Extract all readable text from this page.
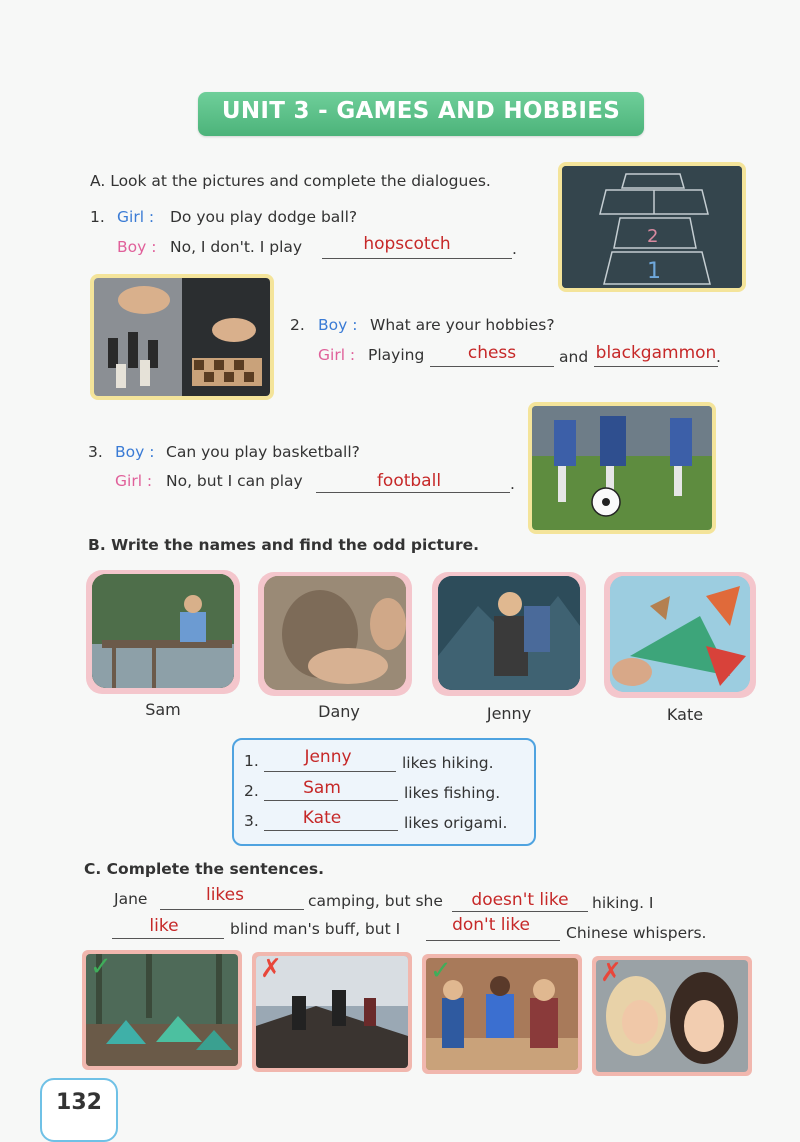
UNIT 3 - GAMES AND HOBBIES
A. Look at the pictures and complete the dialogues.
1
2
1. Girl : Do you play dodge ball?
Boy : No, I don't. I play	hopscotch	.
2. Boy : What are your hobbies?
Girl : Playing	chess	and blackgammon .
3. Boy : Can you play basketball?
Girl : No, but I can play	football	.
B. Write the names and find the odd picture.
Sam	Dany	Jenny	Kate
1.	Jenny	likes hiking.
2.	Sam	likes fishing.
3.	Kate	likes origami.
C. Complete the sentences.
Jane	likes	camping, but she	doesn't like	hiking. I
like	blind man's buff, but I	don't like	Chinese whispers.
✓	✗	✓	✗
132
